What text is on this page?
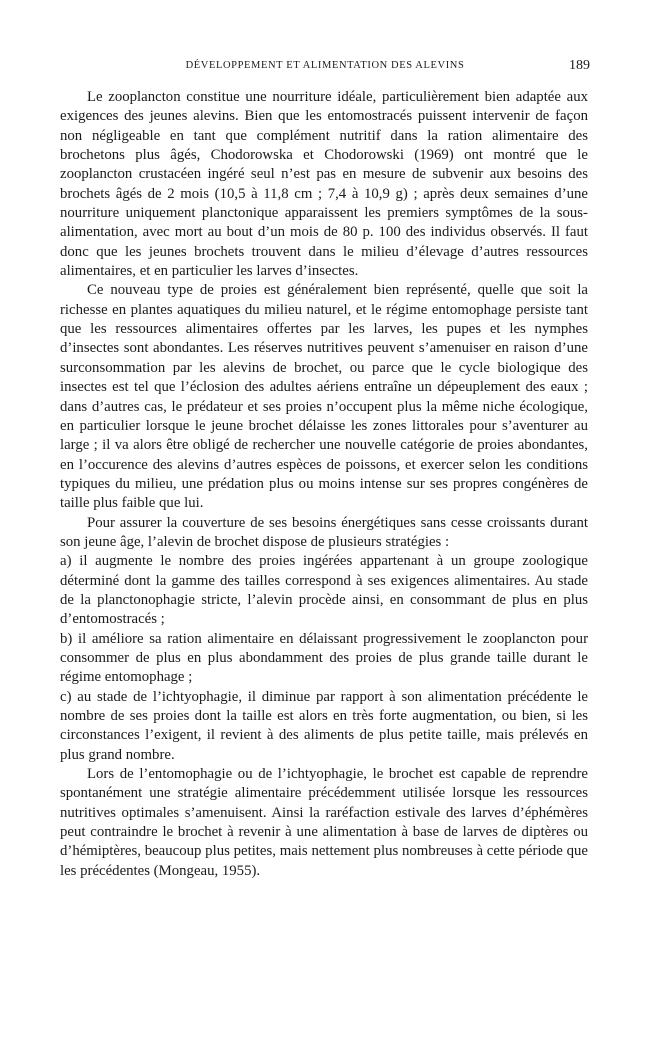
DÉVELOPPEMENT ET ALIMENTATION DES ALEVINS	189

Le zooplancton constitue une nourriture idéale, particulièrement bien adaptée aux exigences des jeunes alevins. Bien que les entomostracés puissent intervenir de façon non négligeable en tant que complément nutritif dans la ration alimentaire des brochetons plus âgés, Chodorowska et Chodorowski (1969) ont montré que le zooplancton crustacéen ingéré seul n’est pas en mesure de subvenir aux besoins des brochets âgés de 2 mois (10,5 à 11,8 cm ; 7,4 à 10,9 g) ; après deux semaines d’une nourriture uniquement planctonique apparaissent les premiers symptômes de la sous-alimentation, avec mort au bout d’un mois de 80 p. 100 des individus observés. Il faut donc que les jeunes brochets trouvent dans le milieu d’élevage d’autres ressources alimentaires, et en particulier les larves d’insectes.

Ce nouveau type de proies est généralement bien représenté, quelle que soit la richesse en plantes aquatiques du milieu naturel, et le régime entomophage persiste tant que les ressources alimentaires offertes par les larves, les pupes et les nymphes d’insectes sont abondantes. Les réserves nutritives peuvent s’amenuiser en raison d’une surconsommation par les alevins de brochet, ou parce que le cycle biologique des insectes est tel que l’éclosion des adultes aériens entraîne un dépeuplement des eaux ; dans d’autres cas, le prédateur et ses proies n’occupent plus la même niche écologique, en particulier lorsque le jeune brochet délaisse les zones littorales pour s’aventurer au large ; il va alors être obligé de rechercher une nouvelle catégorie de proies abondantes, en l’occurence des alevins d’autres espèces de poissons, et exercer selon les conditions typiques du milieu, une prédation plus ou moins intense sur ses propres congénères de taille plus faible que lui.

Pour assurer la couverture de ses besoins énergétiques sans cesse croissants durant son jeune âge, l’alevin de brochet dispose de plusieurs stratégies :

a) il augmente le nombre des proies ingérées appartenant à un groupe zoologique déterminé dont la gamme des tailles correspond à ses exigences alimentaires. Au stade de la planctonophagie stricte, l’alevin procède ainsi, en consommant de plus en plus d’entomostracés ;

b) il améliore sa ration alimentaire en délaissant progressivement le zooplancton pour consommer de plus en plus abondamment des proies de plus grande taille durant le régime entomophage ;

c) au stade de l’ichtyophagie, il diminue par rapport à son alimentation précédente le nombre de ses proies dont la taille est alors en très forte augmentation, ou bien, si les circonstances l’exigent, il revient à des aliments de plus petite taille, mais prélevés en plus grand nombre.

Lors de l’entomophagie ou de l’ichtyophagie, le brochet est capable de reprendre spontanément une stratégie alimentaire précédemment utilisée lorsque les ressources nutritives optimales s’amenuisent. Ainsi la raréfaction estivale des larves d’éphémères peut contraindre le brochet à revenir à une alimentation à base de larves de diptères ou d’hémiptères, beaucoup plus petites, mais nettement plus nombreuses à cette période que les précédentes (Mongeau, 1955).
